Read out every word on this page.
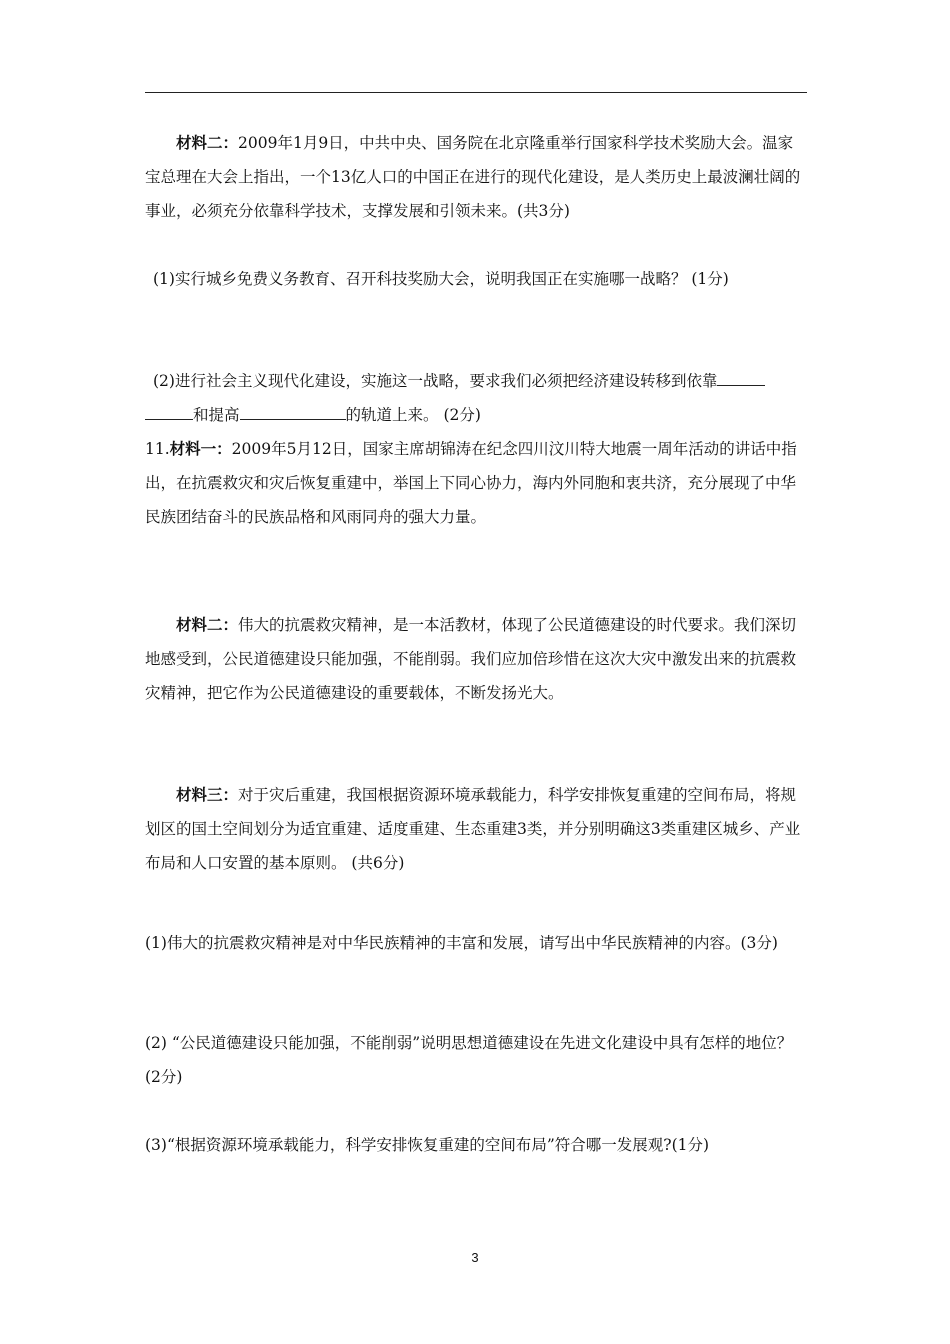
材料二：2009年1月9日，中共中央、国务院在北京隆重举行国家科学技术奖励大会。温家宝总理在大会上指出，一个13亿人口的中国正在进行的现代化建设，是人类历史上最波澜壮阔的事业，必须充分依靠科学技术，支撑发展和引领未来。(共3分)

(1)实行城乡免费义务教育、召开科技奖励大会，说明我国正在实施哪一战略？ (1分)

(2)进行社会主义现代化建设，实施这一战略，要求我们必须把经济建设转移到依靠
和提高	的轨道上来。 (2分)

11.材料一：2009年5月12日，国家主席胡锦涛在纪念四川汶川特大地震一周年活动的讲话中指出，在抗震救灾和灾后恢复重建中，举国上下同心协力，海内外同胞和衷共济，充分展现了中华民族团结奋斗的民族品格和风雨同舟的强大力量。

材料二：伟大的抗震救灾精神，是一本活教材，体现了公民道德建设的时代要求。我们深切地感受到，公民道德建设只能加强，不能削弱。我们应加倍珍惜在这次大灾中激发出来的抗震救灾精神，把它作为公民道德建设的重要载体，不断发扬光大。

材料三：对于灾后重建，我国根据资源环境承载能力，科学安排恢复重建的空间布局，将规划区的国土空间划分为适宜重建、适度重建、生态重建3类，并分别明确这3类重建区城乡、产业布局和人口安置的基本原则。 (共6分)

(1)伟大的抗震救灾精神是对中华民族精神的丰富和发展，请写出中华民族精神的内容。(3分)

(2) “公民道德建设只能加强，不能削弱”说明思想道德建设在先进文化建设中具有怎样的地位？ (2分)

(3)“根据资源环境承载能力，科学安排恢复重建的空间布局”符合哪一发展观?(1分)

3
